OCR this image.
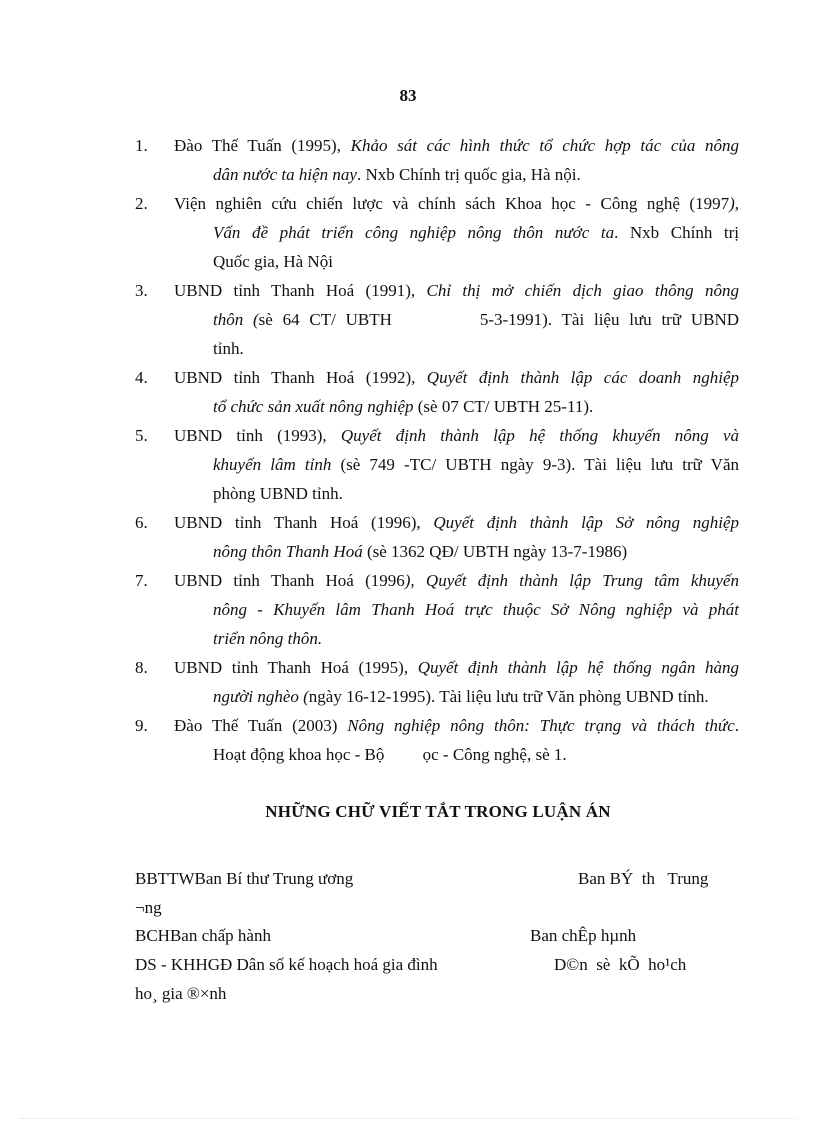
83
1.	Đào Thế Tuấn (1995), Khảo sát các hình thức tổ chức hợp tác của nông
dân nước ta hiện nay. Nxb Chính trị quốc gia, Hà nội.
2.	Viện nghiên cứu chiến lược và chính sách Khoa học - Công nghệ (1997),
Vấn đề phát triển công nghiệp nông thôn nước ta. Nxb Chính trị
Quốc gia, Hà Nội
3.	UBND tỉnh Thanh Hoá (1991), Chỉ thị mở chiến dịch giao thông nông
thôn (sè 64 CT/ UBTH         5-3-1991). Tài liệu lưu trữ UBND
tỉnh.
4.	UBND tỉnh Thanh Hoá (1992), Quyết định thành lập các doanh nghiệp
tổ chức sản xuất nông nghiệp (sè 07 CT/ UBTH 25-11).
5.	UBND tỉnh (1993), Quyết định thành lập hệ thống khuyến nông và
khuyến lâm tỉnh (sè 749 -TC/ UBTH ngày 9-3). Tài liệu lưu trữ Văn
phòng UBND tỉnh.
6.	UBND tỉnh Thanh Hoá (1996), Quyết định thành lập Sở nông nghiệp
nông thôn Thanh Hoá (sè 1362 QĐ/ UBTH ngày 13-7-1986)
7.	UBND tỉnh Thanh Hoá (1996), Quyết định thành lập Trung tâm khuyến
nông - Khuyến lâm Thanh Hoá trực thuộc Sở Nông nghiệp và phát
triển nông thôn.
8.	UBND tỉnh Thanh Hoá (1995), Quyết định thành lập hệ thống ngân hàng
người nghèo (ngày 16-12-1995). Tài liệu lưu trữ Văn phòng UBND tỉnh.
9.	Đào Thế Tuấn (2003) Nông nghiệp nông thôn: Thực trạng và thách thức.
Hoạt động khoa học - Bộ         ọc - Công nghệ, sè 1.
NHỮNG CHỮ VIẾT TẮT TRONG LUẬN ÁN
BBTTWBan Bí thư Trung ương	Ban BÝ  th   Trung
¬ng
BCHBan chấp hành	Ban chÊp hµnh
DS - KHHGĐ Dân số kế hoạch hoá gia đình	D©n  sè  kÕ  ho¹ch
ho¸ gia ®×nh
